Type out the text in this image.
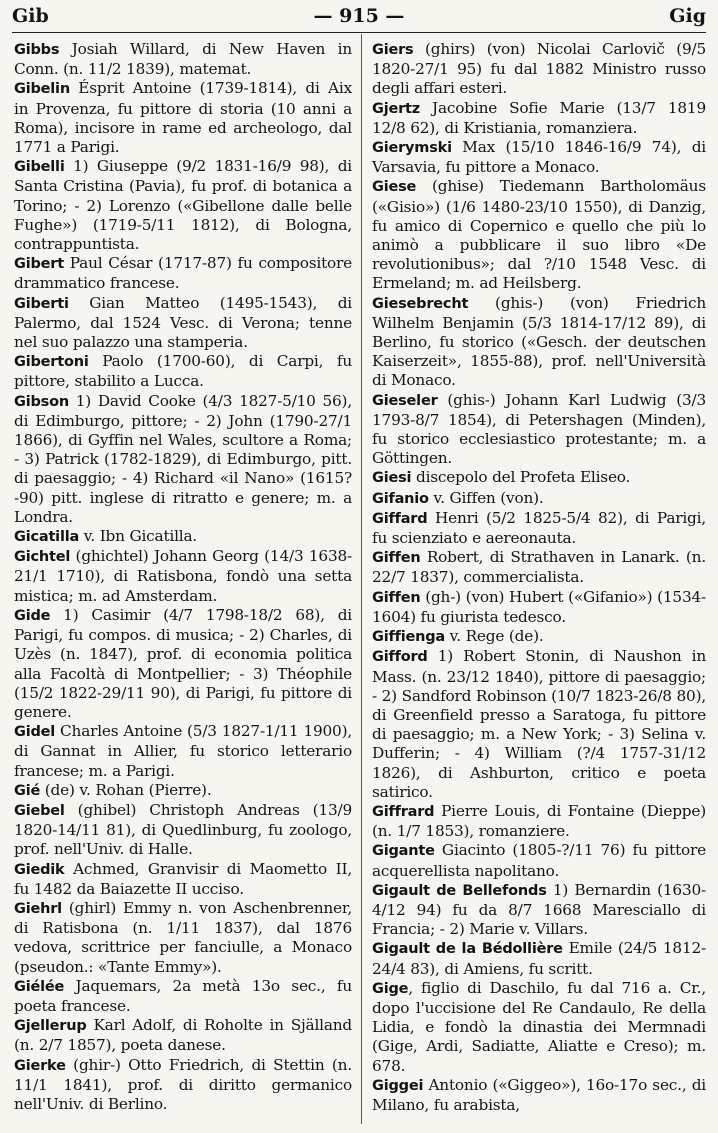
Gib	— 915 —	Gig

Gibbs Josiah Willard, di New Haven in Conn. (n. 11/2 1839), matemat.

Gibelin Ésprit Antoine (1739-1814), di Aix in Provenza, fu pittore di storia (10 anni a Roma), incisore in rame ed archeologo, dal 1771 a Parigi.

Gibelli 1) Giuseppe (9/2 1831-16/9 98), di Santa Cristina (Pavia), fu prof. di botanica a Torino; - 2) Lorenzo («Gibellone dalle belle Fughe») (1719-5/11 1812), di Bologna, contrappuntista.

Gibert Paul César (1717-87) fu compositore drammatico francese.

Giberti Gian Matteo (1495-1543), di Palermo, dal 1524 Vesc. di Verona; tenne nel suo palazzo una stamperia.

Gibertoni Paolo (1700-60), di Carpi, fu pittore, stabilito a Lucca.

Gibson 1) David Cooke (4/3 1827-5/10 56), di Edimburgo, pittore; - 2) John (1790-27/1 1866), di Gyffin nel Wales, scultore a Roma; - 3) Patrick (1782-1829), di Edimburgo, pitt. di paesaggio; - 4) Richard «il Nano» (1615?-90) pitt. inglese di ritratto e genere; m. a Londra.

Gicatilla v. Ibn Gicatilla.

Gichtel (ghichtel) Johann Georg (14/3 1638-21/1 1710), di Ratisbona, fondò una setta mistica; m. ad Amsterdam.

Gide 1) Casimir (4/7 1798-18/2 68), di Parigi, fu compos. di musica; - 2) Charles, di Uzès (n. 1847), prof. di economia politica alla Facoltà di Montpellier; - 3) Théophile (15/2 1822-29/11 90), di Parigi, fu pittore di genere.

Gidel Charles Antoine (5/3 1827-1/11 1900), di Gannat in Allier, fu storico letterario francese; m. a Parigi.

Gié (de) v. Rohan (Pierre).

Giebel (ghibel) Christoph Andreas (13/9 1820-14/11 81), di Quedlinburg, fu zoologo, prof. nell'Univ. di Halle.

Giedik Achmed, Granvisir di Maometto II, fu 1482 da Baiazette II ucciso.

Giehrl (ghirl) Emmy n. von Aschenbrenner, di Ratisbona (n. 1/11 1837), dal 1876 vedova, scrittrice per fanciulle, a Monaco (pseudon.: «Tante Emmy»).

Giélée Jaquemars, 2a metà 13o sec., fu poeta francese.

Gjellerup Karl Adolf, di Roholte in Själland (n. 2/7 1857), poeta danese.

Gierke (ghir-) Otto Friedrich, di Stettin (n. 11/1 1841), prof. di diritto germanico nell'Univ. di Berlino.

Giers (ghirs) (von) Nicolai Carlovič (9/5 1820-27/1 95) fu dal 1882 Ministro russo degli affari esteri.

Gjertz Jacobine Sofie Marie (13/7 1819 12/8 62), di Kristiania, romanziera.

Gierymski Max (15/10 1846-16/9 74), di Varsavia, fu pittore a Monaco.

Giese (ghise) Tiedemann Bartholomäus («Gisio») (1/6 1480-23/10 1550), di Danzig, fu amico di Copernico e quello che più lo animò a pubblicare il suo libro «De revolutionibus»; dal ?/10 1548 Vesc. di Ermeland; m. ad Heilsberg.

Giesebrecht (ghis-) (von) Friedrich Wilhelm Benjamin (5/3 1814-17/12 89), di Berlino, fu storico («Gesch. der deutschen Kaiserzeit», 1855-88), prof. nell'Università di Monaco.

Gieseler (ghis-) Johann Karl Ludwig (3/3 1793-8/7 1854), di Petershagen (Minden), fu storico ecclesiastico protestante; m. a Göttingen.

Giesi discepolo del Profeta Eliseo.

Gifanio v. Giffen (von).

Giffard Henri (5/2 1825-5/4 82), di Parigi, fu scienziato e aereonauta.

Giffen Robert, di Strathaven in Lanark. (n. 22/7 1837), commercialista.

Giffen (gh-) (von) Hubert («Gifanio») (1534-1604) fu giurista tedesco.

Giffienga v. Rege (de).

Gifford 1) Robert Stonin, di Naushon in Mass. (n. 23/12 1840), pittore di paesaggio; - 2) Sandford Robinson (10/7 1823-26/8 80), di Greenfield presso a Saratoga, fu pittore di paesaggio; m. a New York; - 3) Selina v. Dufferin; - 4) William (?/4 1757-31/12 1826), di Ashburton, critico e poeta satirico.

Giffrard Pierre Louis, di Fontaine (Dieppe) (n. 1/7 1853), romanziere.

Gigante Giacinto (1805-?/11 76) fu pittore acquerellista napolitano.

Gigault de Bellefonds 1) Bernardin (1630-4/12 94) fu da 8/7 1668 Maresciallo di Francia; - 2) Marie v. Villars.

Gigault de la Bédollière Emile (24/5 1812-24/4 83), di Amiens, fu scritt.

Gige, figlio di Daschilo, fu dal 716 a. Cr., dopo l'uccisione del Re Candaulo, Re della Lidia, e fondò la dinastia dei Mermnadi (Gige, Ardi, Sadiatte, Aliatte e Creso); m. 678.

Giggei Antonio («Giggeo»), 16o-17o sec., di Milano, fu arabista,
